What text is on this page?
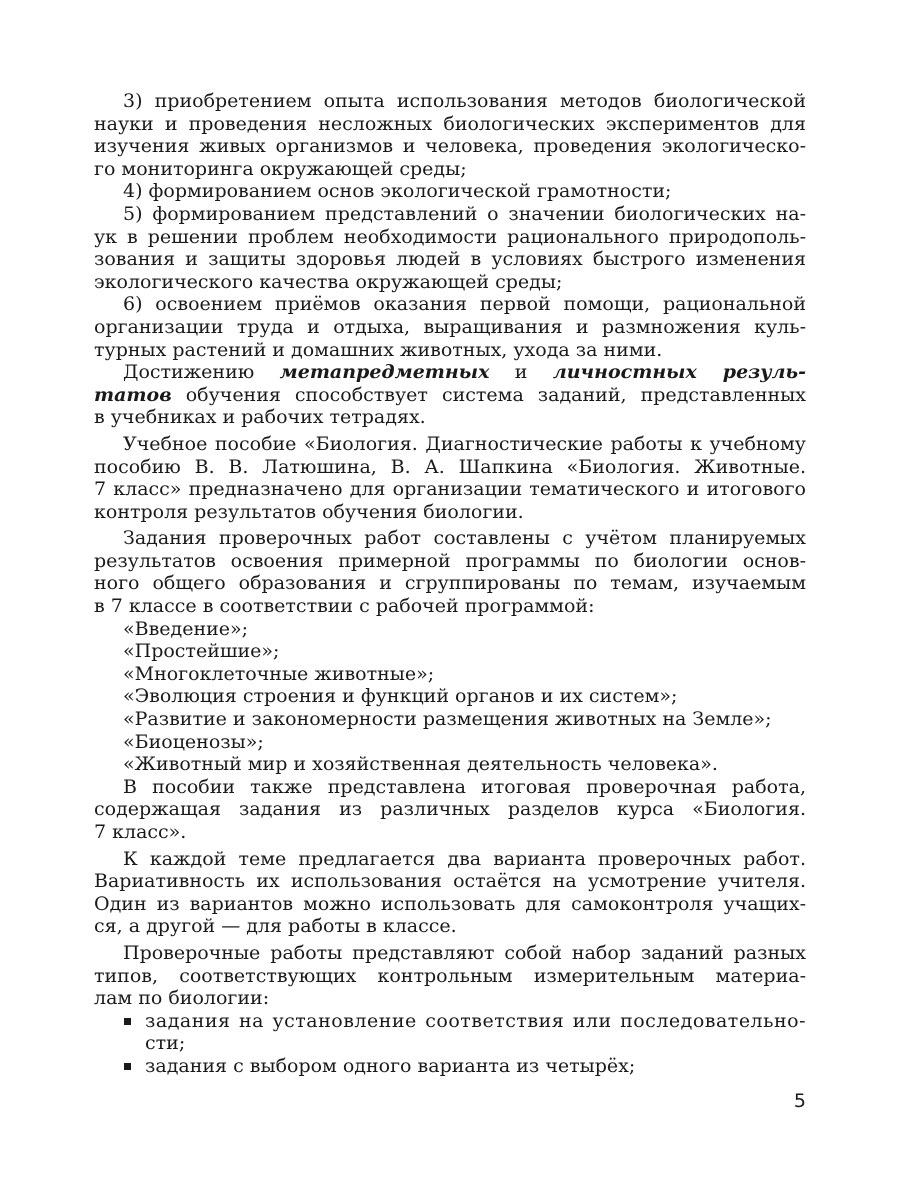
3) приобретением опыта использования методов биологической
науки и проведения несложных биологических экспериментов для
изучения живых организмов и человека, проведения экологическо-
го мониторинга окружающей среды;
4) формированием основ экологической грамотности;
5) формированием представлений о значении биологических на-
ук в решении проблем необходимости рационального природополь-
зования и защиты здоровья людей в условиях быстрого изменения
экологического качества окружающей среды;
6) освоением приёмов оказания первой помощи, рациональной
организации труда и отдыха, выращивания и размножения куль-
турных растений и домашних животных, ухода за ними.
Достижению метапредметных и личностных резуль-
татов обучения способствует система заданий, представленных
в учебниках и рабочих тетрадях.
Учебное пособие «Биология. Диагностические работы к учебному
пособию В. В. Латюшина, В. А. Шапкина «Биология. Животные.
7 класс» предназначено для организации тематического и итогового
контроля результатов обучения биологии.
Задания проверочных работ составлены с учётом планируемых
результатов освоения примерной программы по биологии основ-
ного общего образования и сгруппированы по темам, изучаемым
в 7 классе в соответствии с рабочей программой:
«Введение»;
«Простейшие»;
«Многоклеточные животные»;
«Эволюция строения и функций органов и их систем»;
«Развитие и закономерности размещения животных на Земле»;
«Биоценозы»;
«Животный мир и хозяйственная деятельность человека».
В пособии также представлена итоговая проверочная работа,
содержащая задания из различных разделов курса «Биология.
7 класс».
К каждой теме предлагается два варианта проверочных работ.
Вариативность их использования остаётся на усмотрение учителя.
Один из вариантов можно использовать для самоконтроля учащих-
ся, а другой — для работы в классе.
Проверочные работы представляют собой набор заданий разных
типов, соответствующих контрольным измерительным материа-
лам по биологии:
задания на установление соответствия или последовательно-
сти;
задания с выбором одного варианта из четырёх;
5
